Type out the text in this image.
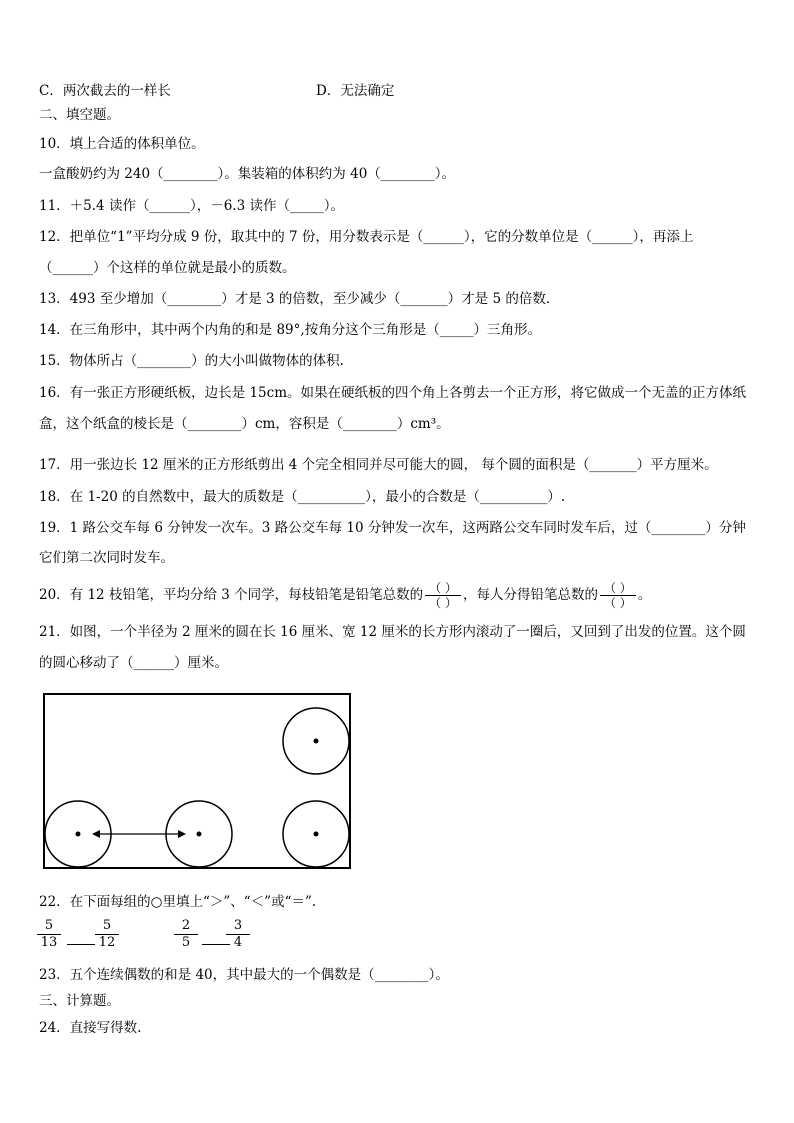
C．两次截去的一样长	D．无法确定
二、填空题。
10．填上合适的体积单位。
一盒酸奶约为 240（________）。集装箱的体积约为 40（________）。
11．＋5.4 读作（______），－6.3 读作（_____）。
12．把单位“1”平均分成 9 份，取其中的 7 份，用分数表示是（______），它的分数单位是（______），再添上
（______）个这样的单位就是最小的质数。
13．493 至少增加（________）才是 3 的倍数，至少减少（_______）才是 5 的倍数．
14．在三角形中，其中两个内角的和是 89°,按角分这个三角形是（_____）三角形。
15．物体所占（________）的大小叫做物体的体积.
16．有一张正方形硬纸板，边长是 15cm。如果在硬纸板的四个角上各剪去一个正方形，将它做成一个无盖的正方体纸
盒，这个纸盒的棱长是（________）cm，容积是（________）cm³。
17．用一张边长 12 厘米的正方形纸剪出 4 个完全相同并尽可能大的圆， 每个圆的面积是（_______）平方厘米。
18．在 1-20 的自然数中，最大的质数是（__________），最小的合数是（__________）.
19．1 路公交车每 6 分钟发一次车。3 路公交车每 10 分钟发一次车，这两路公交车同时发车后，过（________）分钟
它们第二次同时发车。
20．有 12 枝铅笔，平均分给 3 个同学，每枝铅笔是铅笔总数的 $\frac{( )}{( )}$ ，每人分得铅笔总数的 $\frac{( )}{( )}$ 。
21．如图，一个半径为 2 厘米的圆在长 16 厘米、宽 12 厘米的长方形内滚动了一圈后，又回到了出发的位置。这个圆
的圆心移动了（______）厘米。
22．在下面每组的○里填上“＞”、“＜”或“＝”.
$\frac{5}{13}$	$\frac{5}{12}$	$\frac{2}{5} \frac{3}{4}$
23．五个连续偶数的和是 40，其中最大的一个偶数是（________）。
三、计算题。
24．直接写得数.
